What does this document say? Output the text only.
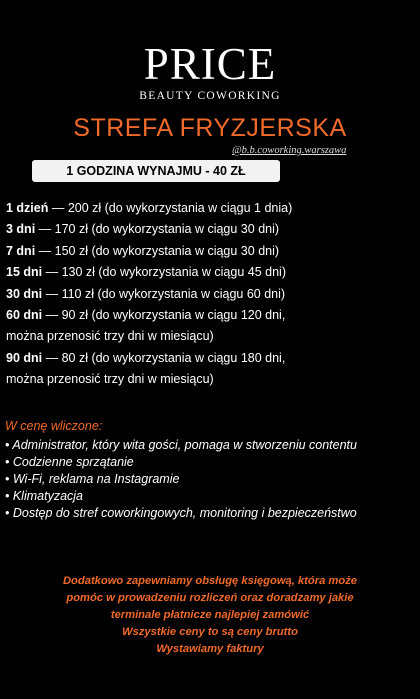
PRICE
BEAUTY COWORKING
STREFA FRYZJERSKA
@b.b.coworking.warszawa
1 GODZINA WYNAJMU - 40 ZŁ
1 dzień — 200 zł (do wykorzystania w ciągu 1 dnia)
3 dni — 170 zł (do wykorzystania w ciągu 30 dni)
7 dni — 150 zł (do wykorzystania w ciągu 30 dni)
15 dni — 130 zł (do wykorzystania w ciągu 45 dni)
30 dni — 110 zł (do wykorzystania w ciągu 60 dni)
60 dni — 90 zł (do wykorzystania w ciągu 120 dni,
można przenosić trzy dni w miesiącu)
90 dni — 80 zł (do wykorzystania w ciągu 180 dni,
można przenosić trzy dni w miesiącu)
W cenę wliczone:
• Administrator, który wita gości, pomaga w stworzeniu contentu
• Codzienne sprzątanie
• Wi-Fi, reklama na Instagramie
• Klimatyzacja
• Dostęp do stref coworkingowych, monitoring i bezpieczeństwo
Dodatkowo zapewniamy obsługę księgową, która może
pomóc w prowadzeniu rozliczeń oraz doradzamy jakie
terminale płatnicze najlepiej zamówić
Wszystkie ceny to są ceny brutto
Wystawiamy faktury
